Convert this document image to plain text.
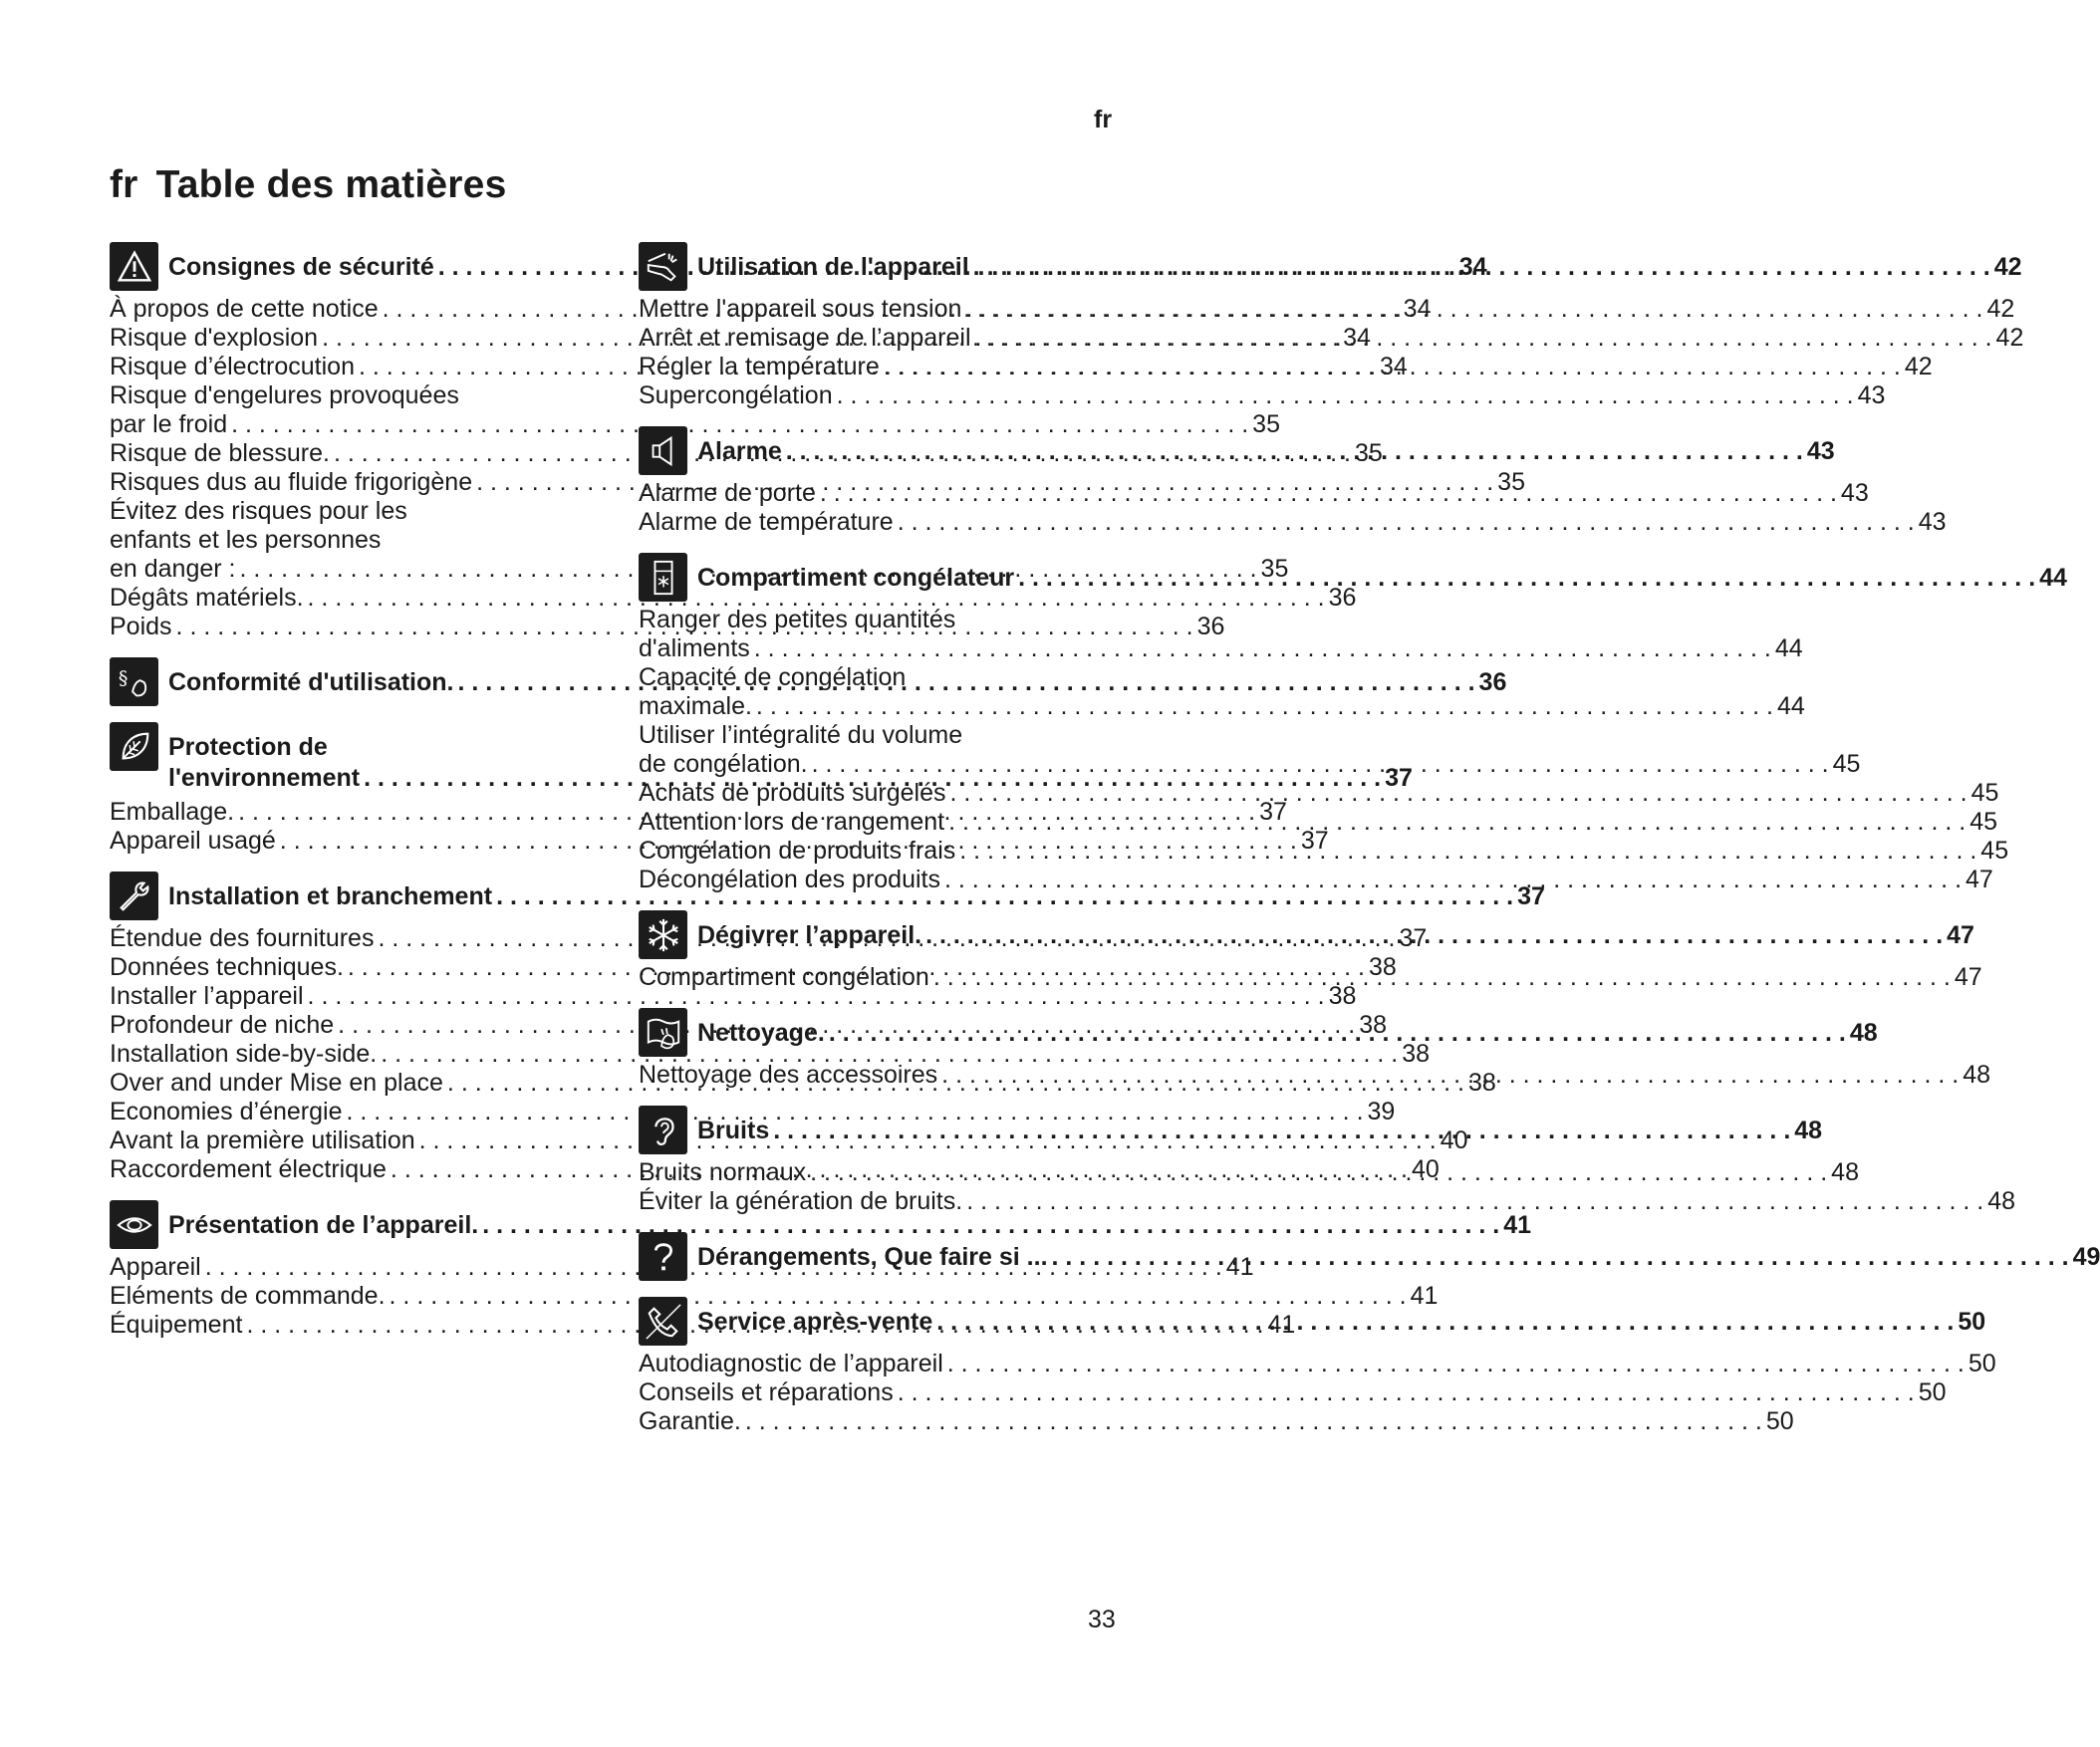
fr
fr Table des matières
Consignes de sécurité . . .	34
À propos de cette notice . . .	34
Risque d'explosion . . .	34
Risque d’électrocution . . .	34
Risque d'engelures provoquées
par le froid . . .	35
Risque de blessure. . . .	35
Risques dus au fluide frigorigène . . .	35
Évitez des risques pour les
enfants et les personnes
en danger : . . .	35
Dégâts matériels. . . .	36
Poids . . .	36
§ Conformité d'utilisation. . . .	36
Protection de
l'environnement . . .	37
Emballage. . . .	37
Appareil usagé . . .	37
Installation et branchement . . .	37
Étendue des fournitures . . .	37
Données techniques. . . .	38
Installer l’appareil . . .	38
Profondeur de niche . . .	38
Installation side-by-side. . . .	38
Over and under Mise en place . . .	38
Economies d’énergie . . .	39
Avant la première utilisation . . .	40
Raccordement électrique . . .	40
Présentation de l’appareil. . . .	41
Appareil . . .	41
Eléments de commande. . . .	41
Équipement . . .	41
Utilisation de l'appareil . . .	42
Mettre l'appareil sous tension . . .	42
Arrêt et remisage de l’appareil . . .	42
Régler la température . . .	42
Supercongélation . . .	43
Alarme . . .	43
Alarme de porte . . .	43
Alarme de température . . .	43
Compartiment congélateur . . .	44
Ranger des petites quantités
d'aliments . . .	44
Capacité de congélation
maximale. . . .	44
Utiliser l’intégralité du volume
de congélation. . . .	45
Achats de produits surgelés . . .	45
Attention lors de rangement . . .	45
Congélation de produits frais . . .	45
Décongélation des produits . . .	47
Dégivrer l’appareil. . . .	47
Compartiment congélation . . .	47
Nettoyage. . . .	48
Nettoyage des accessoires . . .	48
Bruits . . .	48
Bruits normaux . . .	48
Éviter la génération de bruits. . . .	48
Dérangements, Que faire si ... . . .	49
Service après-vente . . .	50
Autodiagnostic de l’appareil . . .	50
Conseils et réparations . . .	50
Garantie. . . .	50
33
